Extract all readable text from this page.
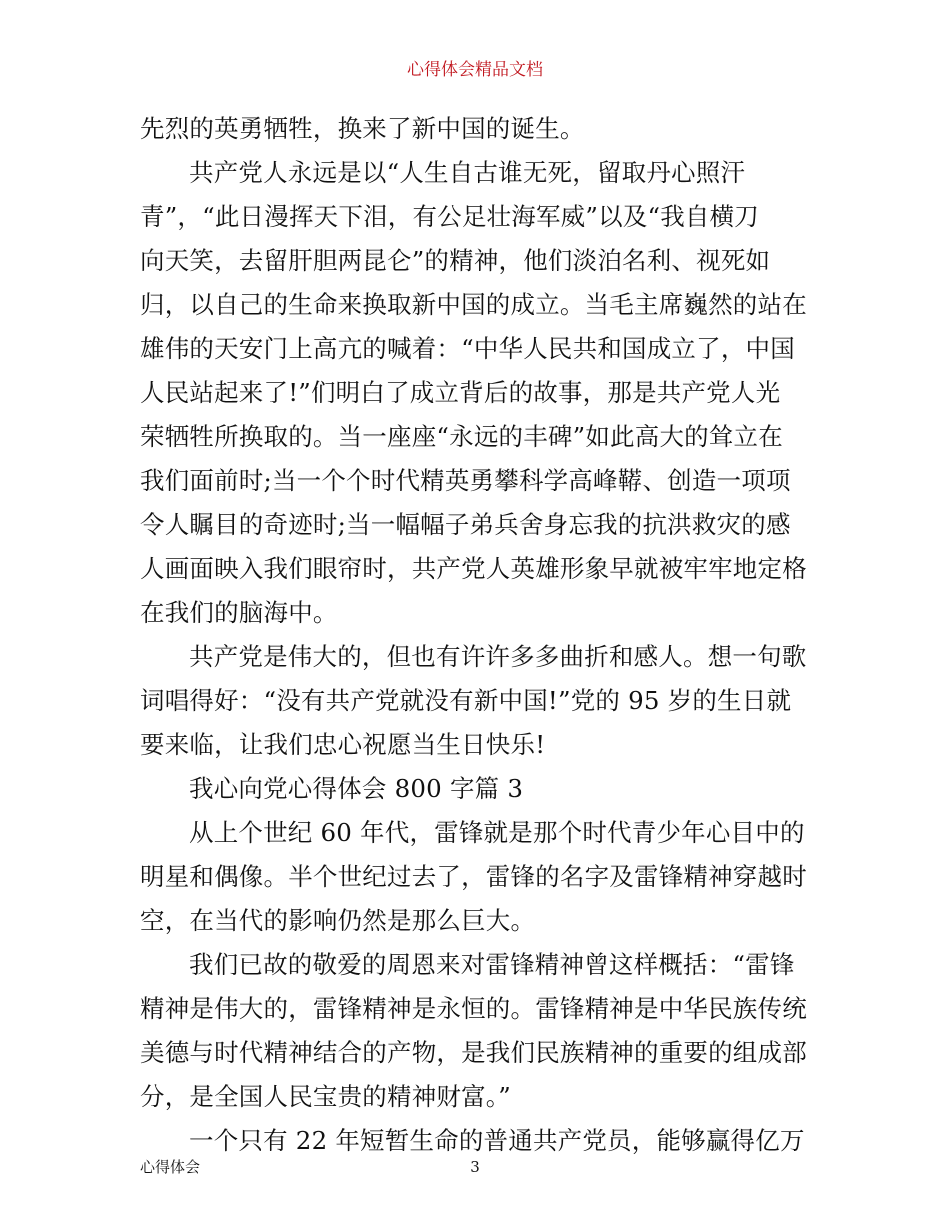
心得体会精品文档
先烈的英勇牺牲，换来了新中国的诞生。
共产党人永远是以“人生自古谁无死，留取丹心照汗
青”，“此日漫挥天下泪，有公足壮海军威”以及“我自横刀
向天笑，去留肝胆两昆仑”的精神，他们淡泊名利、视死如
归，以自己的生命来换取新中国的成立。当毛主席巍然的站在
雄伟的天安门上高亢的喊着：“中华人民共和国成立了，中国
人民站起来了!”们明白了成立背后的故事，那是共产党人光
荣牺牲所换取的。当一座座“永远的丰碑”如此高大的耸立在
我们面前时;当一个个时代精英勇攀科学高峰鞯、创造一项项
令人瞩目的奇迹时;当一幅幅子弟兵舍身忘我的抗洪救灾的感
人画面映入我们眼帘时，共产党人英雄形象早就被牢牢地定格
在我们的脑海中。
共产党是伟大的，但也有许许多多曲折和感人。想一句歌
词唱得好：“没有共产党就没有新中国!”党的 95 岁的生日就
要来临，让我们忠心祝愿当生日快乐!
我心向党心得体会 800 字篇 3
从上个世纪 60 年代，雷锋就是那个时代青少年心目中的
明星和偶像。半个世纪过去了，雷锋的名字及雷锋精神穿越时
空，在当代的影响仍然是那么巨大。
我们已故的敬爱的周恩来对雷锋精神曾这样概括：“雷锋
精神是伟大的，雷锋精神是永恒的。雷锋精神是中华民族传统
美德与时代精神结合的产物，是我们民族精神的重要的组成部
分，是全国人民宝贵的精神财富。”
一个只有 22 年短暂生命的普通共产党员，能够赢得亿万
心得体会	3
